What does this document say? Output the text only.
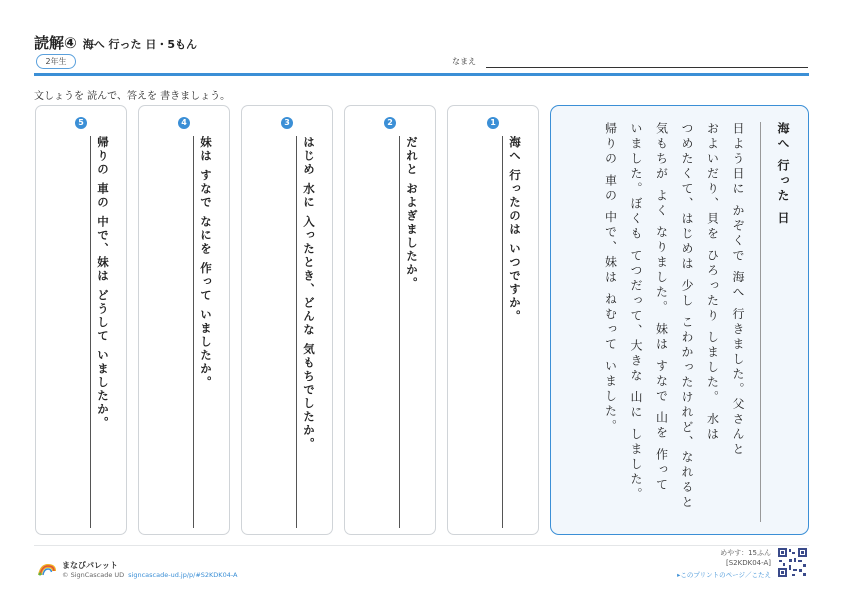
読解④ 海へ 行った 日・5もん
2年生	なまえ
文しょうを 読んで、答えを 書きましょう。
5
帰りの 車の 中で、妹は どうして いましたか。
4
妹は すなで なにを 作って いましたか。
3
はじめ 水に 入ったとき、どんな 気もちでしたか。
2
だれと およぎましたか。
1
海へ 行ったのは いつですか。	海へ 行った 日
日よう日に かぞくで 海へ 行きました。父さんと
およいだり、貝を ひろったり しました。 水は
つめたくて、はじめは 少し こわかったけれど、なれると
気もちが よく なりました。 妹は すなで 山を 作って
いました。ぼくも てつだって、大きな 山に しました。
帰りの 車の 中で、妹は ねむって いました。
まなびパレット
© SignCascade UD signcascade-ud.jp/p/#S2KDK04-A
めやす：15ふん
[S2KDK04-A]
▸このプリントのページ／こたえ
